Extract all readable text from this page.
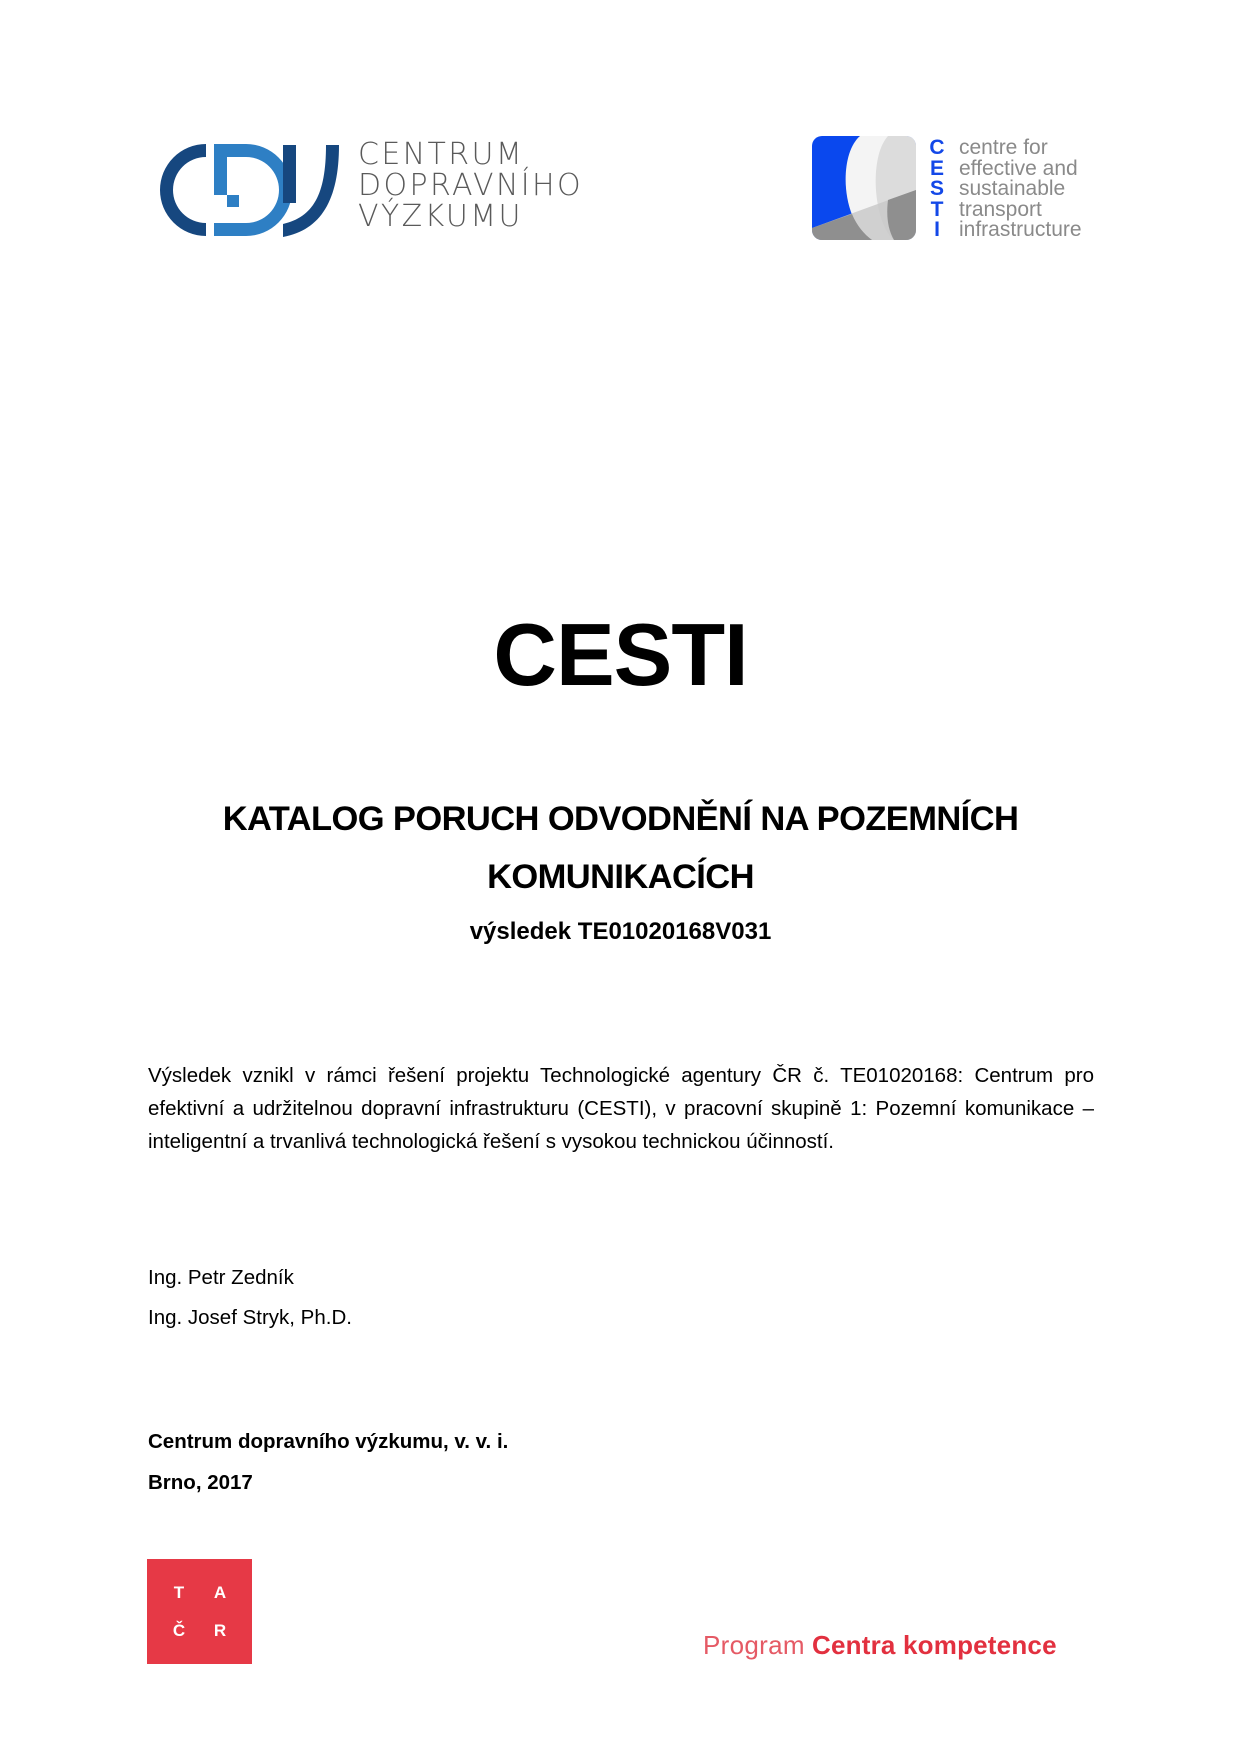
CENTRUM
DOPRAVNÍHO
VÝZKUMU
C
E
S
T
I
centre for
effective and
sustainable
transport
infrastructure
CESTI
KATALOG PORUCH ODVODNĚNÍ NA POZEMNÍCH
KOMUNIKACÍCH
výsledek TE01020168V031

Výsledek vznikl v rámci řešení projektu Technologické agentury ČR č. TE01020168: Centrum pro efektivní a udržitelnou dopravní infrastrukturu (CESTI), v pracovní skupině 1: Pozemní komunikace – inteligentní a trvanlivá technologická řešení s vysokou technickou účinností.

Ing. Petr Zedník
Ing. Josef Stryk, Ph.D.
Centrum dopravního výzkumu, v. v. i.
Brno, 2017
T A
Č R	Program Centra kompetence
